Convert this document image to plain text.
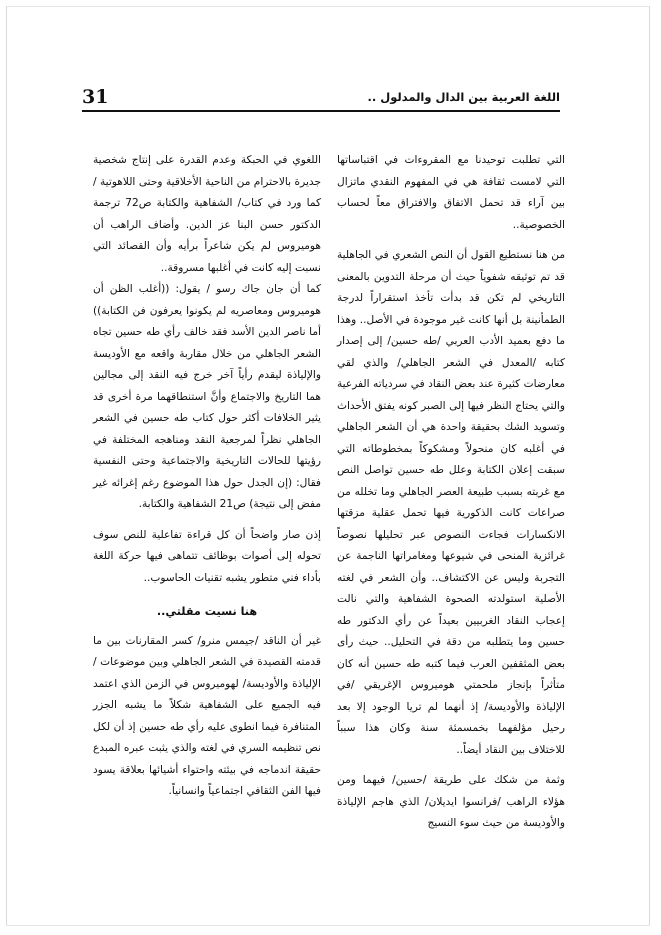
31	اللغة العربية بين الدال والمدلول ..

التي تطلبت توحيدنا مع المقروءات في اقتباساتها التي لامست ثقافة هي في المفهوم النقدي ماتزال بين آراء قد تحمل الاتفاق والافتراق معاً لحساب الخصوصية..

من هنا نستطيع القول أن النص الشعري في الجاهلية قد تم توثيقه شفوياً حيث أن مرحلة التدوين بالمعنى التاريخي لم تكن قد بدأت تأخذ استقراراً لدرجة الطمأنينة بل أنها كانت غير موجودة في الأصل.. وهذا ما دفع بعميد الأدب العربي /طه حسين/ إلى إصدار كتابه /المعدل في الشعر الجاهلي/ والذي لقي معارضات كثيرة عند بعض النقاد في سردياته الفرعية والتي يحتاج النظر فيها إلى الصبر كونه يفتق الأحداث وتسويد الشك بحقيقة واحدة هي أن الشعر الجاهلي في أغلبه كان منحولاً ومشكوكاً بمخطوطاته التي سبقت إعلان الكتابة وعلل طه حسين تواصل النص مع غربته بسبب طبيعة العصر الجاهلي وما تخلله من صراعات كانت الذكورية فيها تحمل عقلية مزقتها الانكسارات فجاءت النصوص عبر تحليلها نصوصاً غرائزية المنحى في شيوعها ومغامراتها الناجمة عن التجربة وليس عن الاكتشاف.. وأن الشعر في لغته الأصلية استولدته الصحوة الشفاهية والتي نالت إعجاب النقاد الغربيين بعيداً عن رأي الدكتور طه حسين وما يتطلبه من دقة في التحليل.. حيث رأى بعض المثقفين العرب فيما كتبه طه حسين أنه كان متأثراً بإنجاز ملحمتي هوميروس الإغريقي /في الإلياذة والأوديسة/ إذ أنهما لم تريا الوجود إلا بعد رحيل مؤلفهما بخمسمئة سنة وكان هذا سبباً للاختلاف بين النقاد أيضاً..

وثمة من شكك على طريقة /حسين/ فيهما ومن هؤلاء الراهب /فرانسوا ايديلان/ الذي هاجم الإلياذة والأوديسة من حيث سوء النسيج

اللغوي في الحبكة وعدم القدرة على إنتاج شخصية جديرة بالاحترام من الناحية الأخلاقية وحتى اللاهوتية /كما ورد في كتاب/ الشفاهية والكتابة ص72 ترجمة الدكتور حسن البنا عز الدين. وأضاف الراهب أن هوميروس لم يكن شاعراً برأيه وأن القصائد التي نسبت إليه كانت في أغلبها مسروقة..

كما أن جان جاك رسو / يقول: ((أغلب الظن أن هوميروس ومعاصريه لم يكونوا يعرفون فن الكتابة)) أما ناصر الدين الأسد فقد خالف رأي طه حسين تجاه الشعر الجاهلي من خلال مقاربة واقعه مع الأوديسة والإلياذة ليقدم رأياً آخر خرج فيه النقد إلى مجالين هما التاريخ والاجتماع وأنَّ استنطاقهما مرة أخرى قد يثير الخلافات أكثر حول كتاب طه حسين في الشعر الجاهلي نظراً لمرجعية النقد ومناهجه المختلفة في رؤيتها للحالات التاريخية والاجتماعية وحتى النفسية فقال: (إن الجدل حول هذا الموضوع رغم إغرائه غير مفض إلى نتيجة) ص21 الشفاهية والكتابة.

إذن صار واضحاً أن كل قراءة تفاعلية للنص سوف تحوله إلى أصوات بوظائف تتماهى فيها حركة اللغة بأداء فني متطور يشبه تقنيات الحاسوب..

هنا نسيت مقلتي..

غير أن الناقد /جيمس منرو/ كسر المقارنات بين ما قدمته القصيدة في الشعر الجاهلي وبين موضوعات /الإلياذة والأوديسة/ لهوميروس في الزمن الذي اعتمد فيه الجميع على الشفاهية شكلاً ما يشبه الجزر المتنافرة فيما انطوى عليه رأي طه حسين إذ أن لكل نص تنظيمه السري في لغته والذي يثبت عبره المبدع حقيقة اندماجه في بيئته واحتواء أشيائها بعلاقة يسود فيها الفن الثقافي اجتماعياً وانسانياً.
